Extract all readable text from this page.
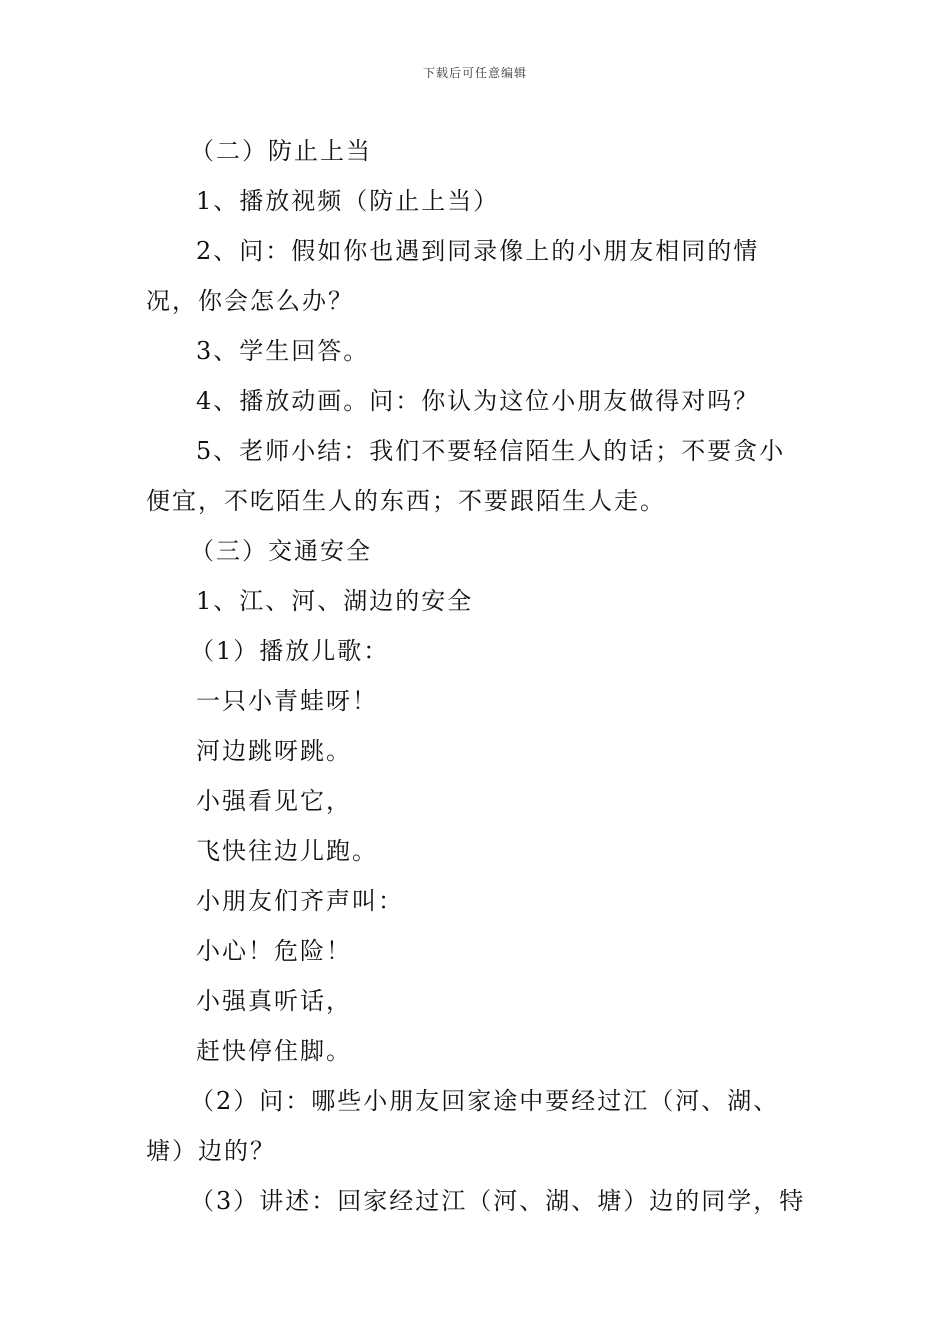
下载后可任意编辑

（二）防止上当

1、播放视频（防止上当）

2、问：假如你也遇到同录像上的小朋友相同的情况，你会怎么办？

3、学生回答。

4、播放动画。问：你认为这位小朋友做得对吗？

5、老师小结：我们不要轻信陌生人的话；不要贪小便宜，不吃陌生人的东西；不要跟陌生人走。

（三）交通安全

1、江、河、湖边的安全

（1）播放儿歌：

一只小青蛙呀！

河边跳呀跳。

小强看见它，

飞快往边儿跑。

小朋友们齐声叫：

小心！危险！

小强真听话，

赶快停住脚。

（2）问：哪些小朋友回家途中要经过江（河、湖、塘）边的？

（3）讲述：回家经过江（河、湖、塘）边的同学，特
